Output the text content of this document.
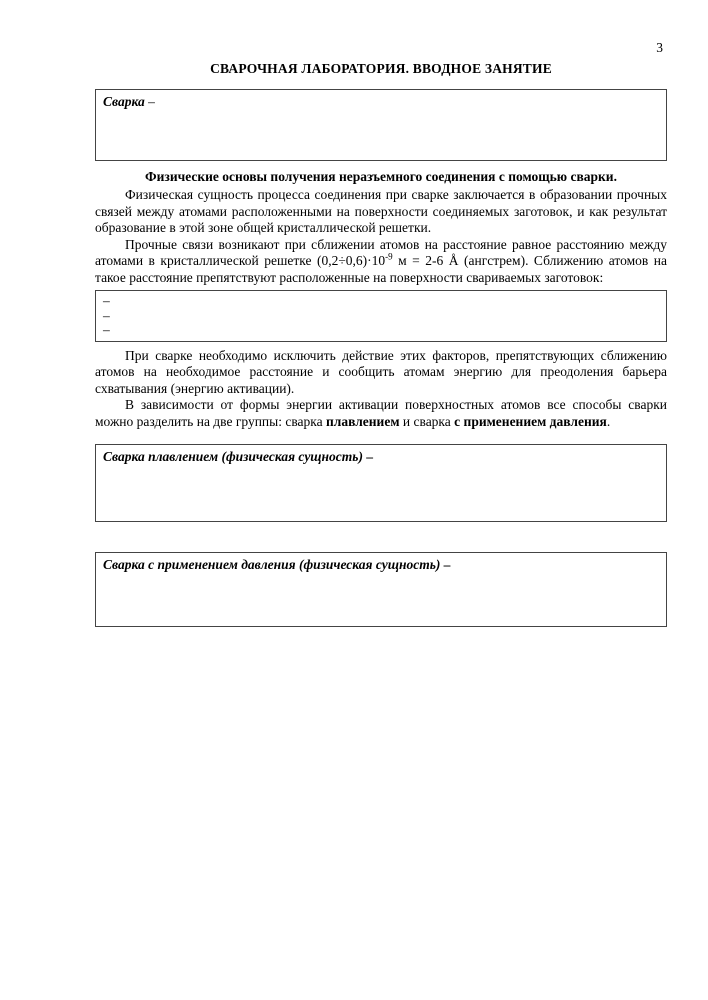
3
СВАРОЧНАЯ ЛАБОРАТОРИЯ. ВВОДНОЕ ЗАНЯТИЕ
Сварка –
Физические основы получения неразъемного соединения с помощью сварки.

Физическая сущность процесса соединения при сварке заключается в образовании прочных связей между атомами расположенными на поверхности соединяемых заготовок, и как результат образование в этой зоне общей кристаллической решетки.

Прочные связи возникают при сближении атомов на расстояние равное расстоянию между атомами в кристаллической решетке $(0,2\div 0,6)\cdot 10^{-9}$ м = 2-6 Å (ангстрем). Сближению атомов на такое расстояние препятствуют расположенные на поверхности свариваемых заготовок:

–
–
–

При сварке необходимо исключить действие этих факторов, препятствующих сближению атомов на необходимое расстояние и сообщить атомам энергию для преодоления барьера схватывания (энергию активации).

В зависимости от формы энергии активации поверхностных атомов все способы сварки можно разделить на две группы: сварка плавлением и сварка с применением давления.

Сварка плавлением (физическая сущность) –
Сварка с применением давления (физическая сущность) –
